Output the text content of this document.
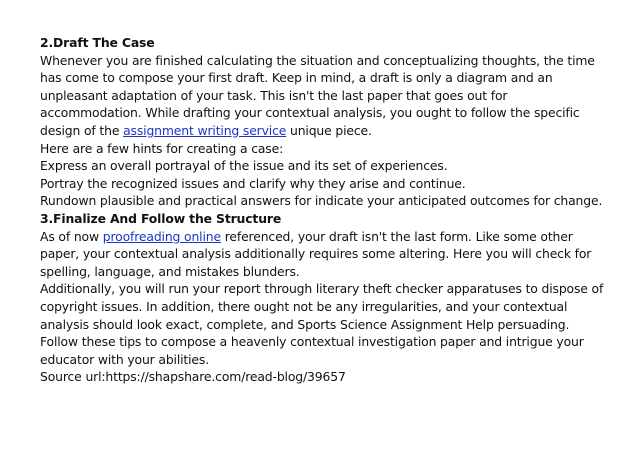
2.Draft The Case
Whenever you are finished calculating the situation and conceptualizing thoughts, the time has come to compose your first draft. Keep in mind, a draft is only a diagram and an unpleasant adaptation of your task. This isn't the last paper that goes out for accommodation. While drafting your contextual analysis, you ought to follow the specific design of the assignment writing service unique piece.
Here are a few hints for creating a case:
Express an overall portrayal of the issue and its set of experiences.
Portray the recognized issues and clarify why they arise and continue.
Rundown plausible and practical answers for indicate your anticipated outcomes for change.
3.Finalize And Follow the Structure
As of now proofreading online referenced, your draft isn't the last form. Like some other paper, your contextual analysis additionally requires some altering. Here you will check for spelling, language, and mistakes blunders.
Additionally, you will run your report through literary theft checker apparatuses to dispose of copyright issues. In addition, there ought not be any irregularities, and your contextual analysis should look exact, complete, and Sports Science Assignment Help persuading.
Follow these tips to compose a heavenly contextual investigation paper and intrigue your educator with your abilities.
Source url:https://shapshare.com/read-blog/39657
